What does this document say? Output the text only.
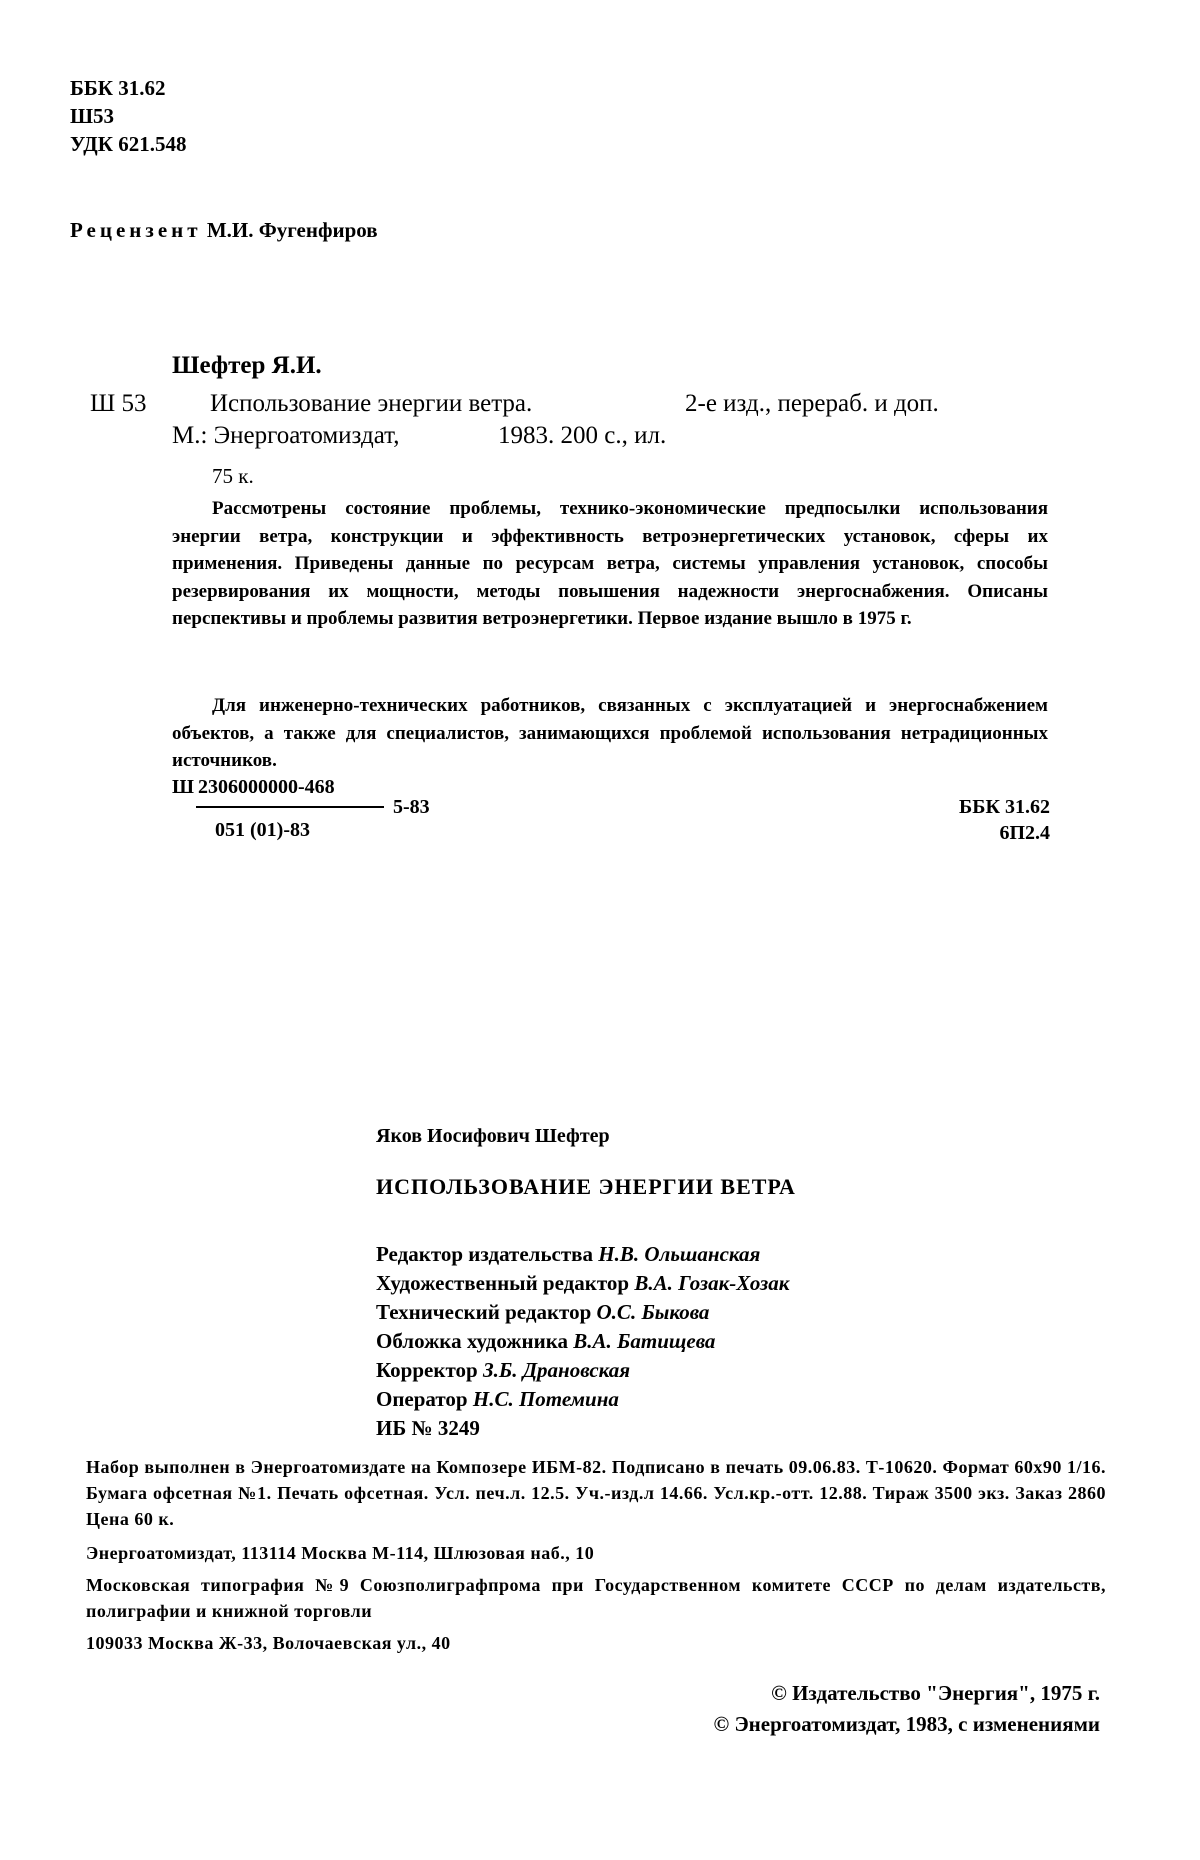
ББК 31.62
Ш53
УДК 621.548
Рецензент М.И. Фугенфиров
Шефтер Я.И.
Ш 53	Использование энергии ветра.	2-е изд., перераб. и доп.
М.: Энергоатомиздат,	1983. 200 с., ил.
75 к.
Рассмотрены состояние проблемы, технико-экономические предпосылки использования энергии ветра, конструкции и эффективность ветроэнергетических установок, сферы их применения. Приведены данные по ресурсам ветра, системы управления установок, способы резервирования их мощности, методы повышения надежности энергоснабжения. Описаны перспективы и проблемы развития ветроэнергетики. Первое издание вышло в 1975 г.
Для инженерно-технических работников, связанных с эксплуатацией и энергоснабжением объектов, а также для специалистов, занимающихся проблемой использования нетрадиционных источников.
Ш 2306000000-468
051 (01)-83
5-83	ББК 31.62
6П2.4
Яков Иосифович Шефтер
ИСПОЛЬЗОВАНИЕ ЭНЕРГИИ ВЕТРА
Редактор издательства Н.В. Ольшанская
Художественный редактор В.А. Гозак-Хозак
Технический редактор О.С. Быкова
Обложка художника В.А. Батищева
Корректор З.Б. Драновская
Оператор Н.С. Потемина
ИБ № 3249
Набор выполнен в Энергоатомиздате на Композере ИБМ-82. Подписано в печать 09.06.83. Т-10620. Формат 60х90 1/16. Бумага офсетная №1. Печать офсетная. Усл. печ.л. 12.5. Уч.-изд.л 14.66. Усл.кр.-отт. 12.88. Тираж 3500 экз. Заказ 2860 Цена 60 к.
Энергоатомиздат, 113114 Москва М-114, Шлюзовая наб., 10
Московская типография №9 Союзполиграфпрома при Государственном комитете СССР по делам издательств, полиграфии и книжной торговли
109033 Москва Ж-33, Волочаевская ул., 40
© Издательство "Энергия", 1975 г.
© Энергоатомиздат, 1983, с изменениями
